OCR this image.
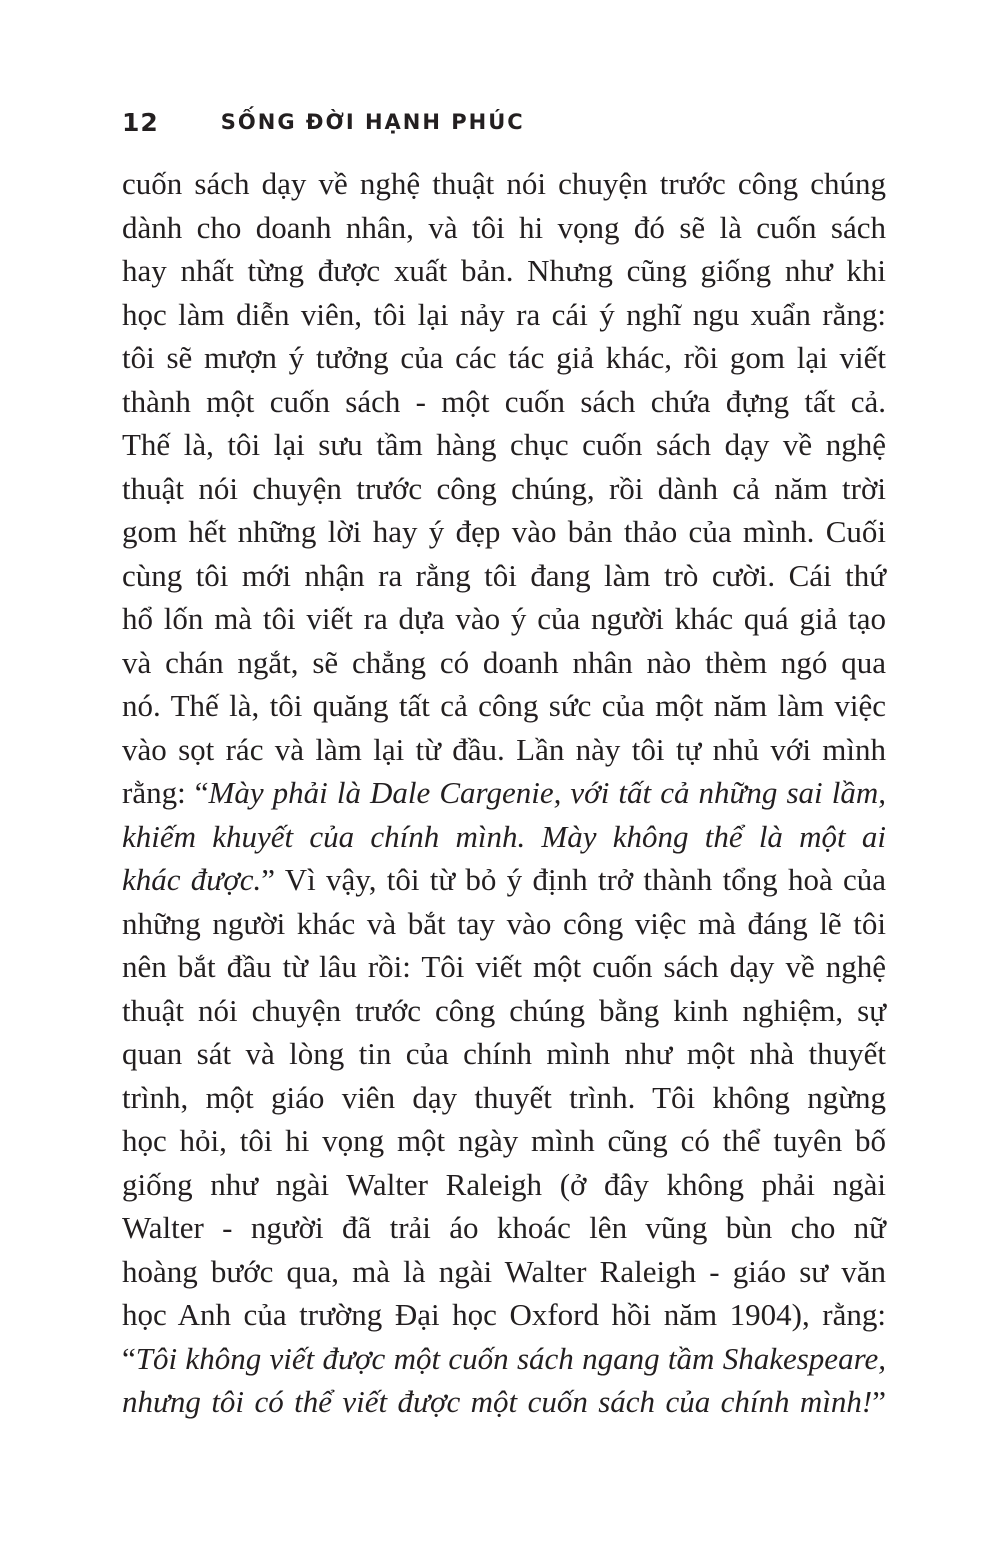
12	SỐNG ĐỜI HẠNH PHÚC
cuốn sách dạy về nghệ thuật nói chuyện trước công chúng
dành cho doanh nhân, và tôi hi vọng đó sẽ là cuốn sách
hay nhất từng được xuất bản. Nhưng cũng giống như khi
học làm diễn viên, tôi lại nảy ra cái ý nghĩ ngu xuẩn rằng:
tôi sẽ mượn ý tưởng của các tác giả khác, rồi gom lại viết
thành một cuốn sách - một cuốn sách chứa đựng tất cả.
Thế là, tôi lại sưu tầm hàng chục cuốn sách dạy về nghệ
thuật nói chuyện trước công chúng, rồi dành cả năm trời
gom hết những lời hay ý đẹp vào bản thảo của mình. Cuối
cùng tôi mới nhận ra rằng tôi đang làm trò cười. Cái thứ
hổ lốn mà tôi viết ra dựa vào ý của người khác quá giả tạo
và chán ngắt, sẽ chẳng có doanh nhân nào thèm ngó qua
nó. Thế là, tôi quăng tất cả công sức của một năm làm việc
vào sọt rác và làm lại từ đầu. Lần này tôi tự nhủ với mình
rằng: “Mày phải là Dale Cargenie, với tất cả những sai lầm,
khiếm khuyết của chính mình. Mày không thể là một ai
khác được.” Vì vậy, tôi từ bỏ ý định trở thành tổng hoà của
những người khác và bắt tay vào công việc mà đáng lẽ tôi
nên bắt đầu từ lâu rồi: Tôi viết một cuốn sách dạy về nghệ
thuật nói chuyện trước công chúng bằng kinh nghiệm, sự
quan sát và lòng tin của chính mình như một nhà thuyết
trình, một giáo viên dạy thuyết trình. Tôi không ngừng
học hỏi, tôi hi vọng một ngày mình cũng có thể tuyên bố
giống như ngài Walter Raleigh (ở đây không phải ngài
Walter - người đã trải áo khoác lên vũng bùn cho nữ
hoàng bước qua, mà là ngài Walter Raleigh - giáo sư văn
học Anh của trường Đại học Oxford hồi năm 1904), rằng:
“Tôi không viết được một cuốn sách ngang tầm Shakespeare,
nhưng tôi có thể viết được một cuốn sách của chính mình!”
